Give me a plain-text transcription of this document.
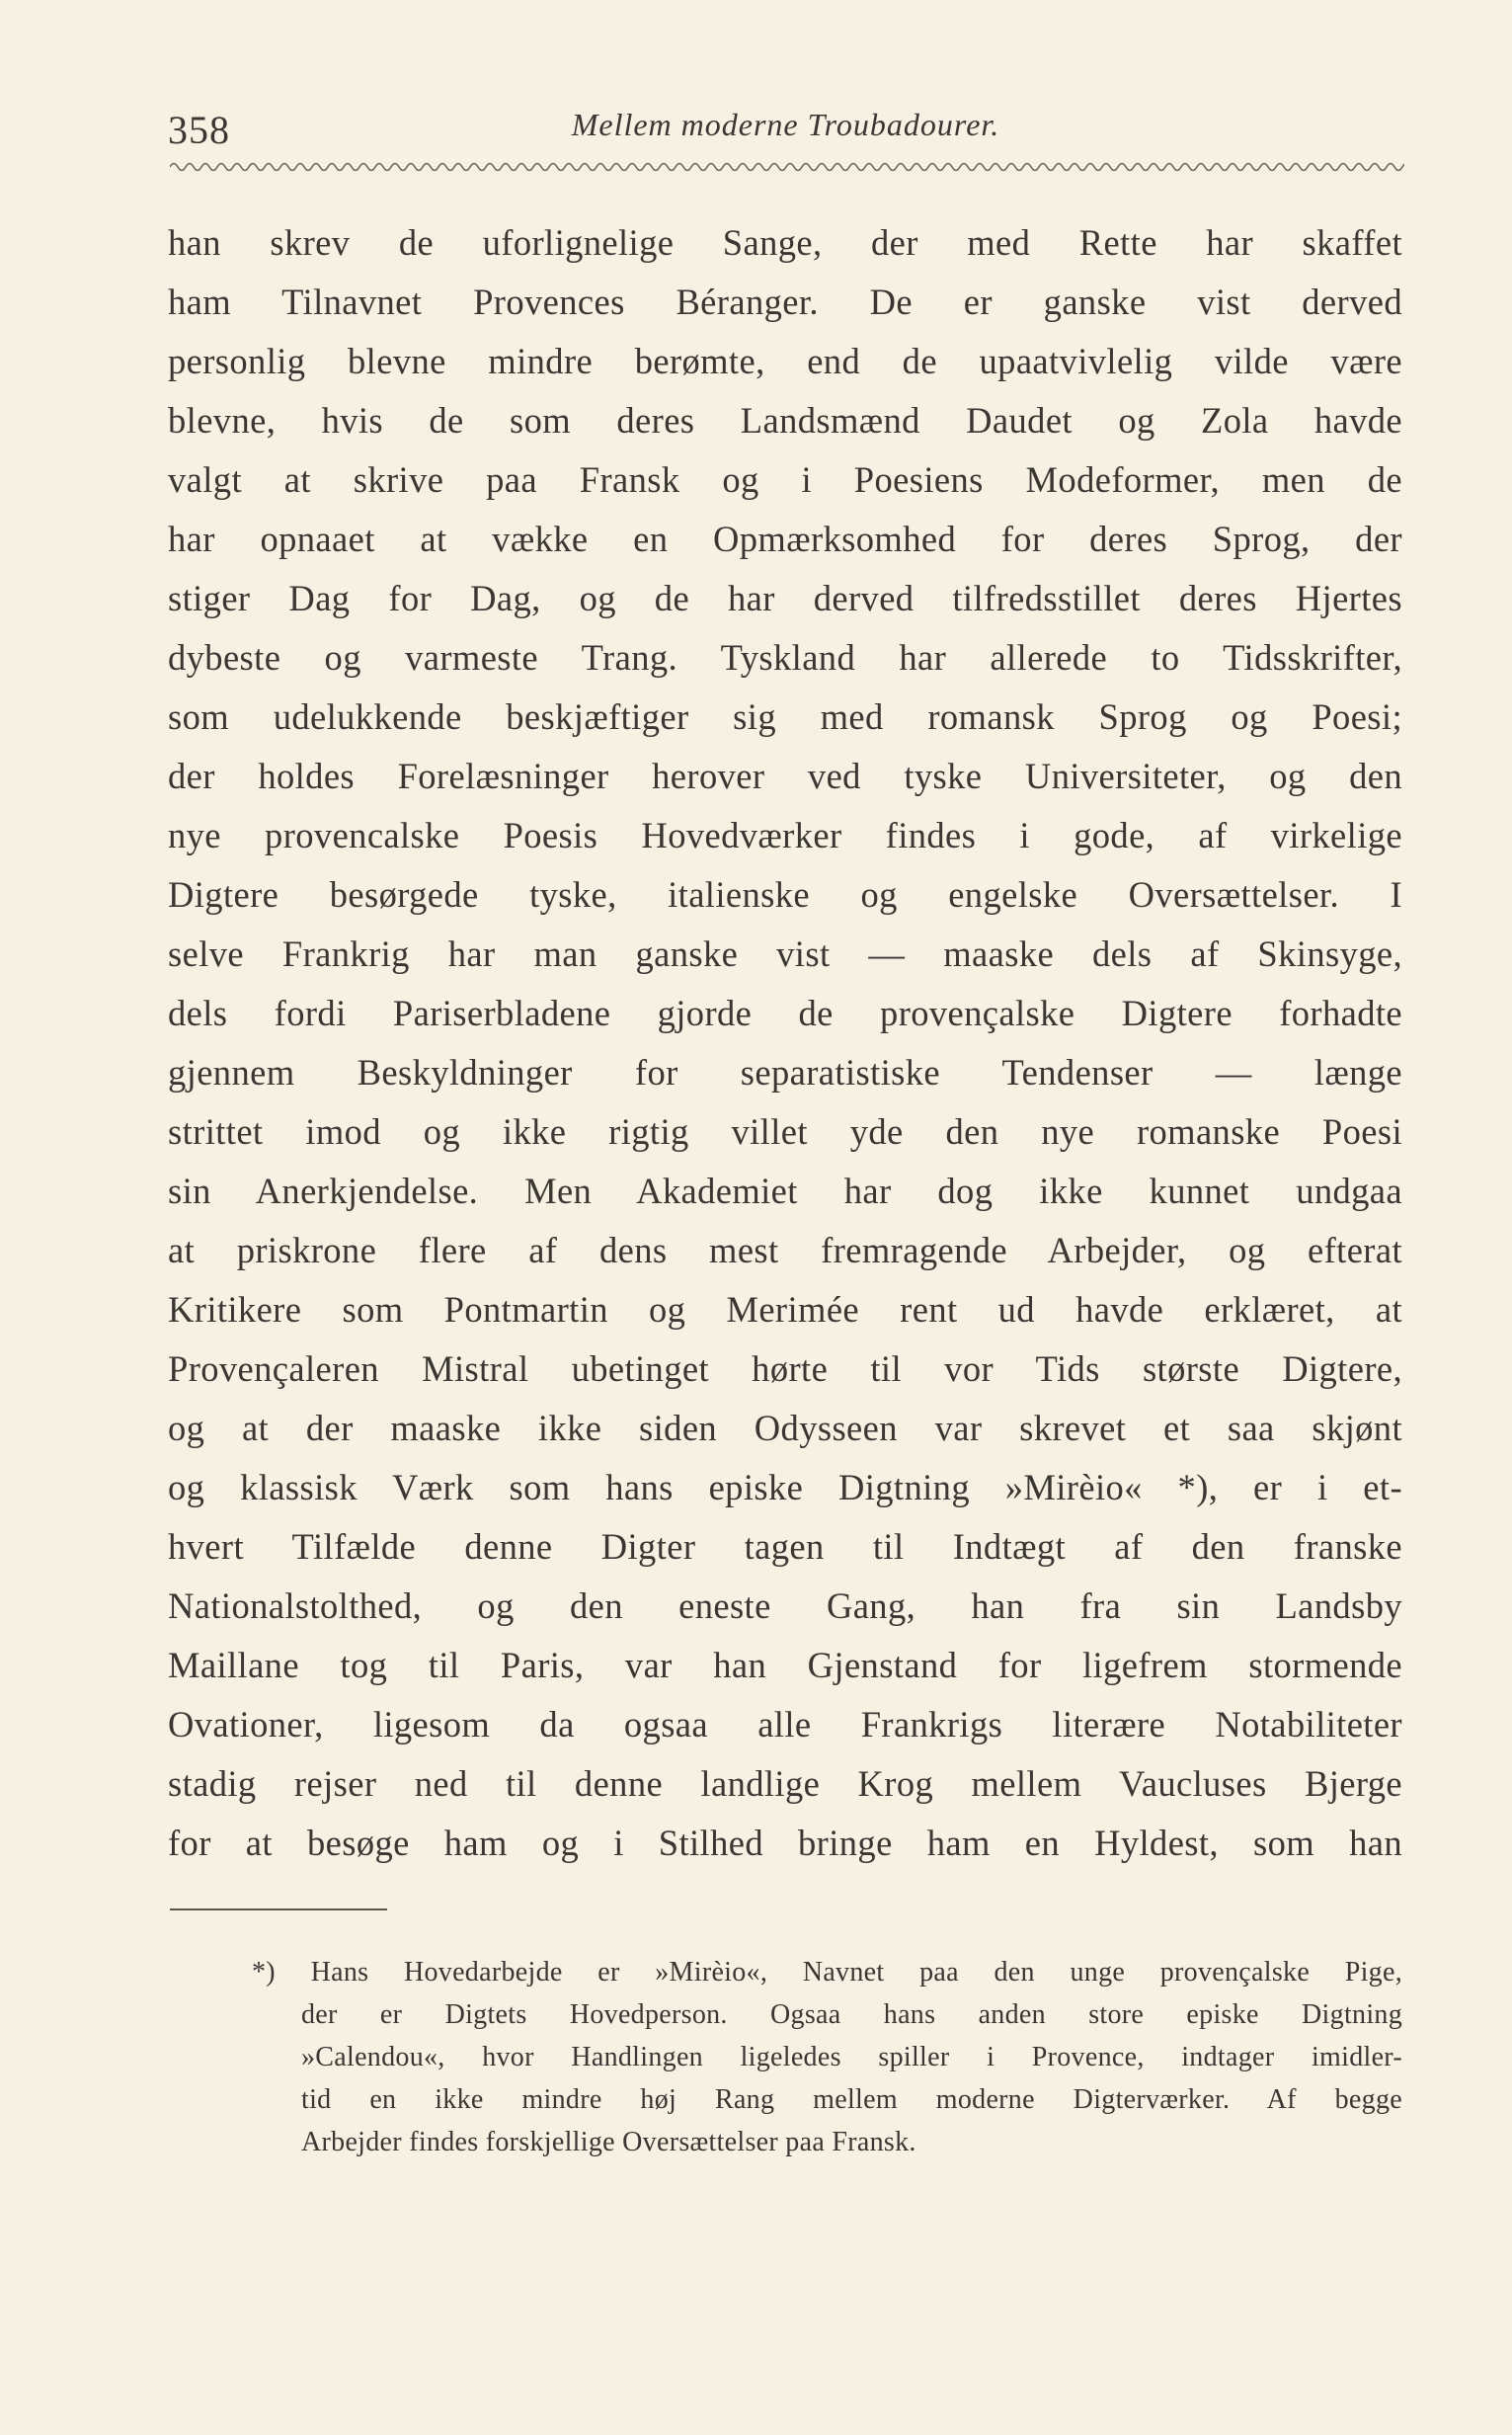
358	Mellem moderne Troubadourer.
han skrev de uforlignelige Sange, der med Rette har skaffet
ham Tilnavnet Provences Béranger. De er ganske vist derved
personlig blevne mindre berømte, end de upaatvivlelig vilde være
blevne, hvis de som deres Landsmænd Daudet og Zola havde
valgt at skrive paa Fransk og i Poesiens Modeformer, men de
har opnaaet at vække en Opmærksomhed for deres Sprog, der
stiger Dag for Dag, og de har derved tilfredsstillet deres Hjertes
dybeste og varmeste Trang. Tyskland har allerede to Tidsskrifter,
som udelukkende beskjæftiger sig med romansk Sprog og Poesi;
der holdes Forelæsninger herover ved tyske Universiteter, og den
nye provencalske Poesis Hovedværker findes i gode, af virkelige
Digtere besørgede tyske, italienske og engelske Oversættelser. I
selve Frankrig har man ganske vist — maaske dels af Skinsyge,
dels fordi Pariserbladene gjorde de provençalske Digtere forhadte
gjennem Beskyldninger for separatistiske Tendenser — længe
strittet imod og ikke rigtig villet yde den nye romanske Poesi
sin Anerkjendelse. Men Akademiet har dog ikke kunnet undgaa
at priskrone flere af dens mest fremragende Arbejder, og efterat
Kritikere som Pontmartin og Merimée rent ud havde erklæret, at
Provençaleren Mistral ubetinget hørte til vor Tids største Digtere,
og at der maaske ikke siden Odysseen var skrevet et saa skjønt
og klassisk Værk som hans episke Digtning »Mirèio« *), er i et-
hvert Tilfælde denne Digter tagen til Indtægt af den franske
Nationalstolthed, og den eneste Gang, han fra sin Landsby
Maillane tog til Paris, var han Gjenstand for ligefrem stormende
Ovationer, ligesom da ogsaa alle Frankrigs literære Notabiliteter
stadig rejser ned til denne landlige Krog mellem Vaucluses Bjerge
for at besøge ham og i Stilhed bringe ham en Hyldest, som han
*) Hans Hovedarbejde er »Mirèio«, Navnet paa den unge provençalske Pige,
der er Digtets Hovedperson. Ogsaa hans anden store episke Digtning
»Calendou«, hvor Handlingen ligeledes spiller i Provence, indtager imidler-
tid en ikke mindre høj Rang mellem moderne Digterværker. Af begge
Arbejder findes forskjellige Oversættelser paa Fransk.
